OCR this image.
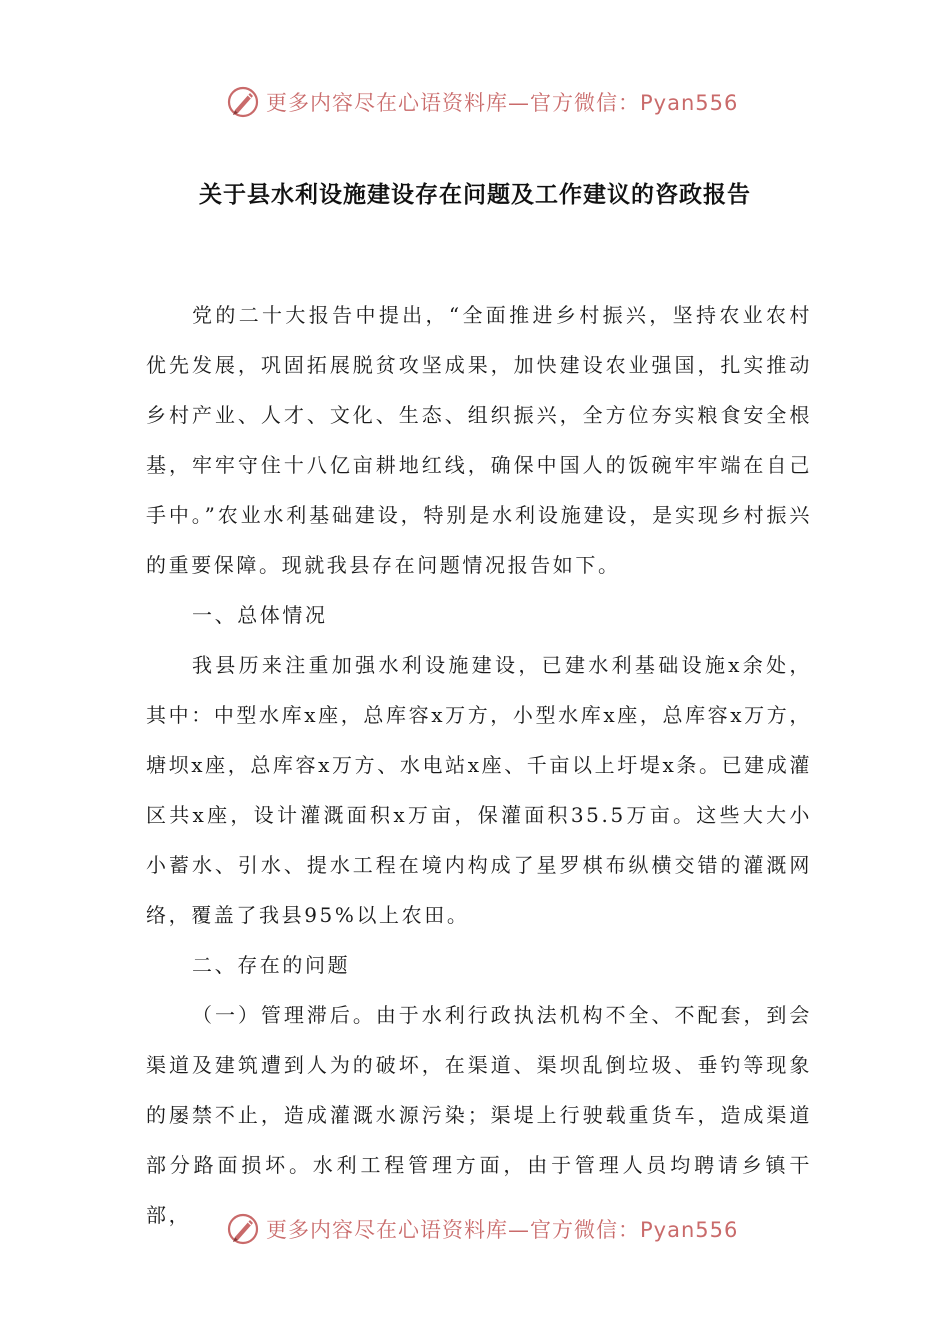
更多内容尽在心语资料库—官方微信：Pyan556
关于县水利设施建设存在问题及工作建议的咨政报告

党的二十大报告中提出，“全面推进乡村振兴，坚持农业农村优先发展，巩固拓展脱贫攻坚成果，加快建设农业强国，扎实推动乡村产业、人才、文化、生态、组织振兴，全方位夯实粮食安全根基，牢牢守住十八亿亩耕地红线，确保中国人的饭碗牢牢端在自己手中。”农业水利基础建设，特别是水利设施建设，是实现乡村振兴的重要保障。现就我县存在问题情况报告如下。

一、总体情况

我县历来注重加强水利设施建设，已建水利基础设施x余处，其中：中型水库x座，总库容x万方，小型水库x座，总库容x万方，塘坝x座，总库容x万方、水电站x座、千亩以上圩堤x条。已建成灌区共x座，设计灌溉面积x万亩，保灌面积35.5万亩。这些大大小小蓄水、引水、提水工程在境内构成了星罗棋布纵横交错的灌溉网络，覆盖了我县95%以上农田。

二、存在的问题

（一）管理滞后。由于水利行政执法机构不全、不配套，到会渠道及建筑遭到人为的破坏，在渠道、渠坝乱倒垃圾、垂钓等现象的屡禁不止，造成灌溉水源污染；渠堤上行驶载重货车，造成渠道部分路面损坏。水利工程管理方面，由于管理人员均聘请乡镇干部，

更多内容尽在心语资料库—官方微信：Pyan556
